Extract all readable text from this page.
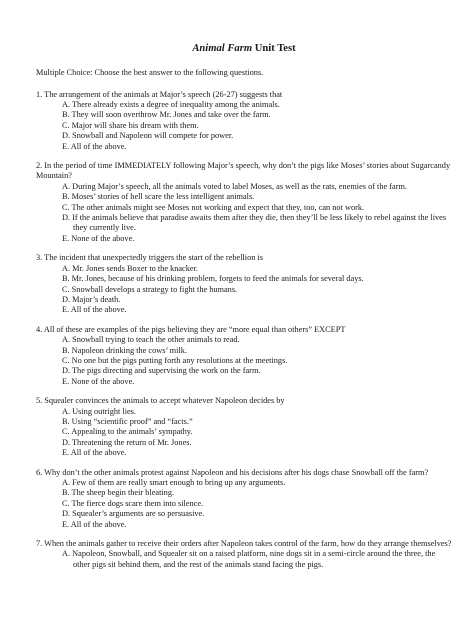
Animal Farm Unit Test
Multiple Choice: Choose the best answer to the following questions.
1. The arrangement of the animals at Major’s speech (26-27) suggests that
A. There already exists a degree of inequality among the animals.
B. They will soon overthrow Mr. Jones and take over the farm.
C. Major will share his dream with them.
D. Snowball and Napoleon will compete for power.
E. All of the above.
2. In the period of time IMMEDIATELY following Major’s speech, why don’t the pigs like Moses’ stories about Sugarcandy Mountain?
A. During Major’s speech, all the animals voted to label Moses, as well as the rats, enemies of the farm.
B. Moses’ stories of hell scare the less intelligent animals.
C. The other animals might see Moses not working and expect that they, too, can not work.
D. If the animals believe that paradise awaits them after they die, then they’ll be less likely to rebel against the lives they currently live.
E. None of the above.
3. The incident that unexpectedly triggers the start of the rebellion is
A. Mr. Jones sends Boxer to the knacker.
B. Mr. Jones, because of his drinking problem, forgets to feed the animals for several days.
C. Snowball develops a strategy to fight the humans.
D. Major’s death.
E. All of the above.
4. All of these are examples of the pigs believing they are “more equal than others” EXCEPT
A. Snowball trying to teach the other animals to read.
B. Napoleon drinking the cows’ milk.
C. No one but the pigs putting forth any resolutions at the meetings.
D. The pigs directing and supervising the work on the farm.
E. None of the above.
5. Squealer convinces the animals to accept whatever Napoleon decides by
A. Using outright lies.
B. Using “scientific proof” and “facts.”
C. Appealing to the animals’ sympathy.
D. Threatening the return of Mr. Jones.
E. All of the above.
6. Why don’t the other animals protest against Napoleon and his decisions after his dogs chase Snowball off the farm?
A. Few of them are really smart enough to bring up any arguments.
B. The sheep begin their bleating.
C. The fierce dogs scare them into silence.
D. Squealer’s arguments are so persuasive.
E. All of the above.
7. When the animals gather to receive their orders after Napoleon takes control of the farm, how do they arrange themselves?
A. Napoleon, Snowball, and Squealer sit on a raised platform, nine dogs sit in a semi-circle around the three, the other pigs sit behind them, and the rest of the animals stand facing the pigs.
